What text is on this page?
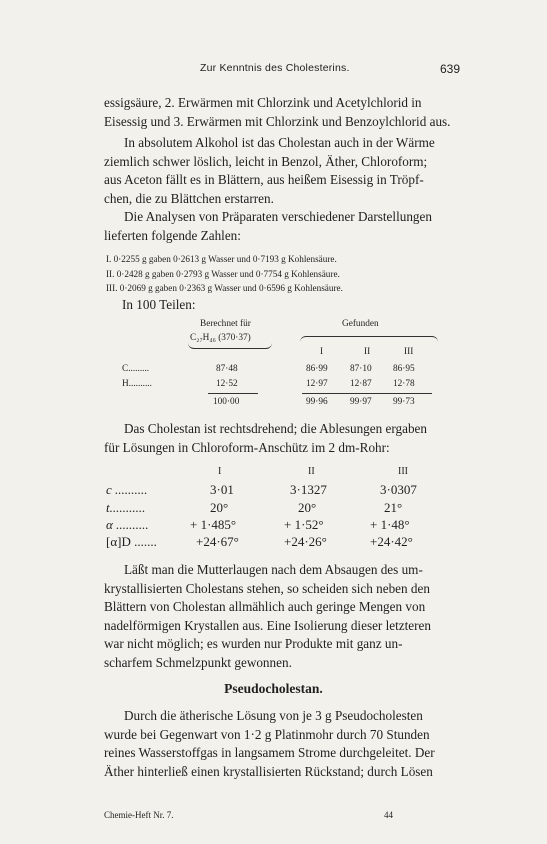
Zur Kenntnis des Cholesterins.	639

essigsäure, 2. Erwärmen mit Chlorzink und Acetylchlorid in

Eisessig und 3. Erwärmen mit Chlorzink und Benzoylchlorid aus.

In absolutem Alkohol ist das Cholestan auch in der Wärme

ziemlich schwer löslich, leicht in Benzol, Äther, Chloroform;

aus Aceton fällt es in Blättern, aus heißem Eisessig in Tröpf-

chen, die zu Blättchen erstarren.

Die Analysen von Präparaten verschiedener Darstellungen

lieferten folgende Zahlen:

I. 0·2255 g gaben 0·2613 g Wasser und 0·7193 g Kohlensäure.
II. 0·2428 g gaben 0·2793 g Wasser und 0·7754 g Kohlensäure.
III. 0·2069 g gaben 0·2363 g Wasser und 0·6596 g Kohlensäure.
In 100 Teilen:
Berechnet für
C₂₇H₄₆ (370·37)
Gefunden
I	II	III
C.........	87·48	86·99 87·10 86·95
H..........	12·52	12·97 12·87 12·78
100·00	99·96 99·97 99·73

Das Cholestan ist rechtsdrehend; die Ablesungen ergaben

für Lösungen in Chloroform-Anschütz im 2 dm-Rohr:

I	II	III
c ..........	3·01	3·1327	3·0307
t...........	20°	20°	21°
α ..........	+ 1·485°	+ 1·52°	+ 1·48°
[α]D .......	+24·67°	+24·26°	+24·42°

Läßt man die Mutterlaugen nach dem Absaugen des um-

krystallisierten Cholestans stehen, so scheiden sich neben den

Blättern von Cholestan allmählich auch geringe Mengen von

nadelförmigen Krystallen aus. Eine Isolierung dieser letzteren

war nicht möglich; es wurden nur Produkte mit ganz un-

scharfem Schmelzpunkt gewonnen.

Pseudocholestan.

Durch die ätherische Lösung von je 3 g Pseudocholesten

wurde bei Gegenwart von 1·2 g Platinmohr durch 70 Stunden

reines Wasserstoffgas in langsamem Strome durchgeleitet. Der

Äther hinterließ einen krystallisierten Rückstand; durch Lösen

Chemie-Heft Nr. 7.	44
